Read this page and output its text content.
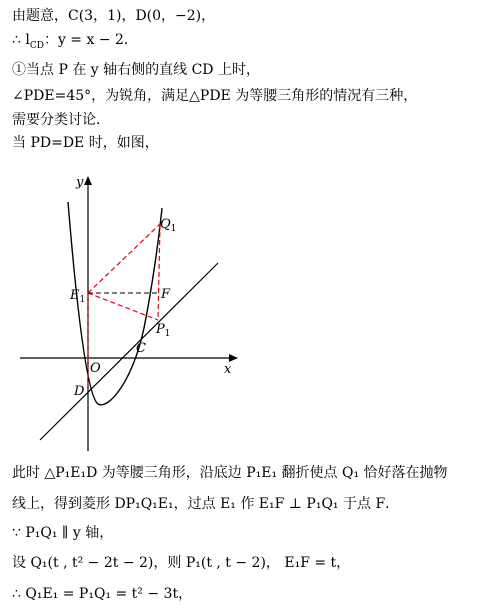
由题意，C(3，1)，D(0，−2)，
∴ $l_{CD}$：y = x − 2．
①当点 P 在 y 轴右侧的直线 CD 上时，
∠PDE=45°，为锐角，满足△PDE 为等腰三角形的情况有三种，
需要分类讨论．
当 PD=DE 时，如图，
y
x
O
D
C
$E_1$	F
$P_1$
$Q_1$
此时 △P₁E₁D 为等腰三角形，沿底边 P₁E₁ 翻折使点 Q₁ 恰好落在抛物
线上，得到菱形 DP₁Q₁E₁，过点 E₁ 作 E₁F ⊥ P₁Q₁ 于点 F．
∵ P₁Q₁ ∥ y 轴，
设 Q₁(t , t² − 2t − 2)，则 P₁(t , t − 2)， E₁F = t，
∴ Q₁E₁ = P₁Q₁ = t² − 3t，
